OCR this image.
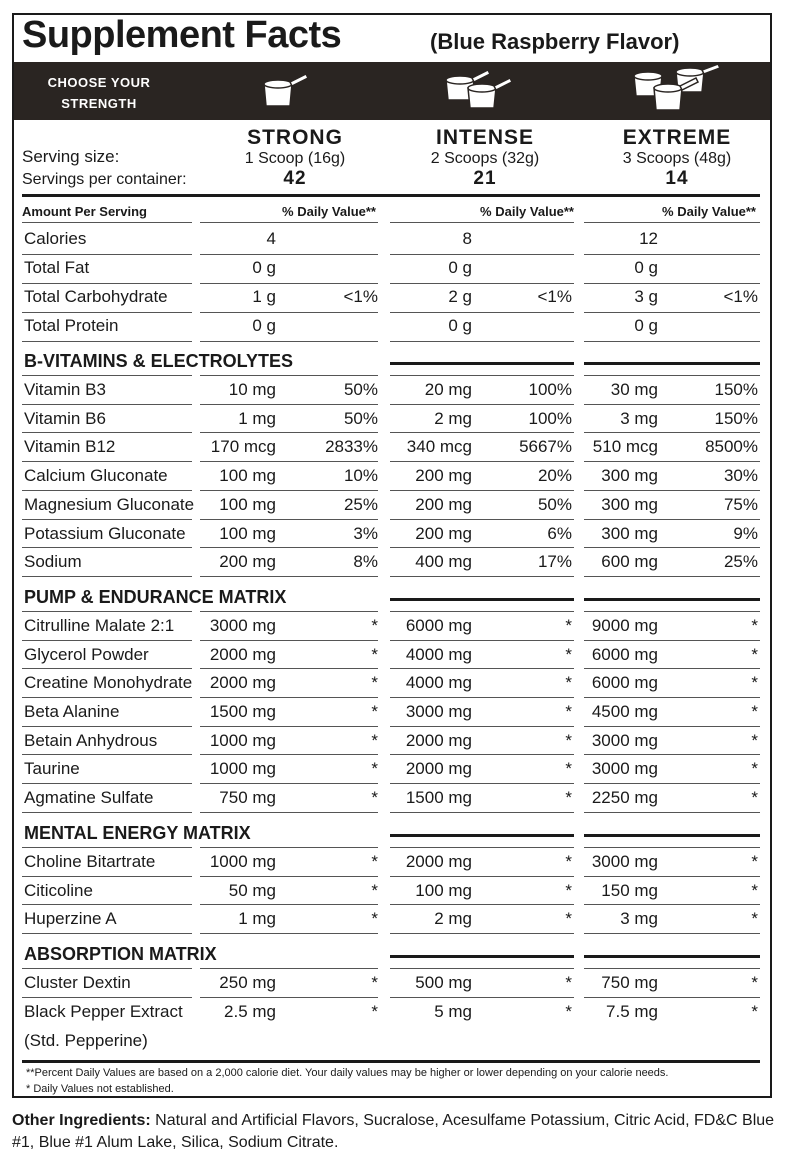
Supplement Facts	(Blue Raspberry Flavor)
CHOOSE YOUR STRENGTH
STRONG	INTENSE	EXTREME
Serving size:
Servings per container:
1 Scoop (16g)	2 Scoops (32g)	3 Scoops (48g)
42	21	14
Amount Per Serving	% Daily Value**	% Daily Value**	% Daily Value**
Calories	4	8	12
Total Fat	0 g	0 g	0 g
Total Carbohydrate	1 g	<1%	2 g	<1%	3 g	<1%
Total Protein	0 g	0 g	0 g
B-VITAMINS & ELECTROLYTES
Vitamin B3	10 mg	50%	20 mg	100%	30 mg	150%
Vitamin B6	1 mg	50%	2 mg	100%	3 mg	150%
Vitamin B12	170 mcg	2833%	340 mcg	5667%	510 mcg	8500%
Calcium Gluconate	100 mg	10%	200 mg	20%	300 mg	30%
Magnesium Gluconate	100 mg	25%	200 mg	50%	300 mg	75%
Potassium Gluconate	100 mg	3%	200 mg	6%	300 mg	9%
Sodium	200 mg	8%	400 mg	17%	600 mg	25%
PUMP & ENDURANCE MATRIX
Citrulline Malate 2:1	3000 mg	*	6000 mg	*	9000 mg	*
Glycerol Powder	2000 mg	*	4000 mg	*	6000 mg	*
Creatine Monohydrate	2000 mg	*	4000 mg	*	6000 mg	*
Beta Alanine	1500 mg	*	3000 mg	*	4500 mg	*
Betain Anhydrous	1000 mg	*	2000 mg	*	3000 mg	*
Taurine	1000 mg	*	2000 mg	*	3000 mg	*
Agmatine Sulfate	750 mg	*	1500 mg	*	2250 mg	*
MENTAL ENERGY MATRIX
Choline Bitartrate	1000 mg	*	2000 mg	*	3000 mg	*
Citicoline	50 mg	*	100 mg	*	150 mg	*
Huperzine A	1 mg	*	2 mg	*	3 mg	*
ABSORPTION MATRIX
Cluster Dextin	250 mg	*	500 mg	*	750 mg	*
Black Pepper Extract	2.5 mg	*	5 mg	*	7.5 mg	*
(Std. Pepperine)
**Percent Daily Values are based on a 2,000 calorie diet. Your daily values may be higher or lower depending on your calorie needs.
* Daily Values not established.
Other Ingredients: Natural and Artificial Flavors, Sucralose, Acesulfame Potassium, Citric Acid, FD&C Blue #1, Blue #1 Alum Lake, Silica, Sodium Citrate.
